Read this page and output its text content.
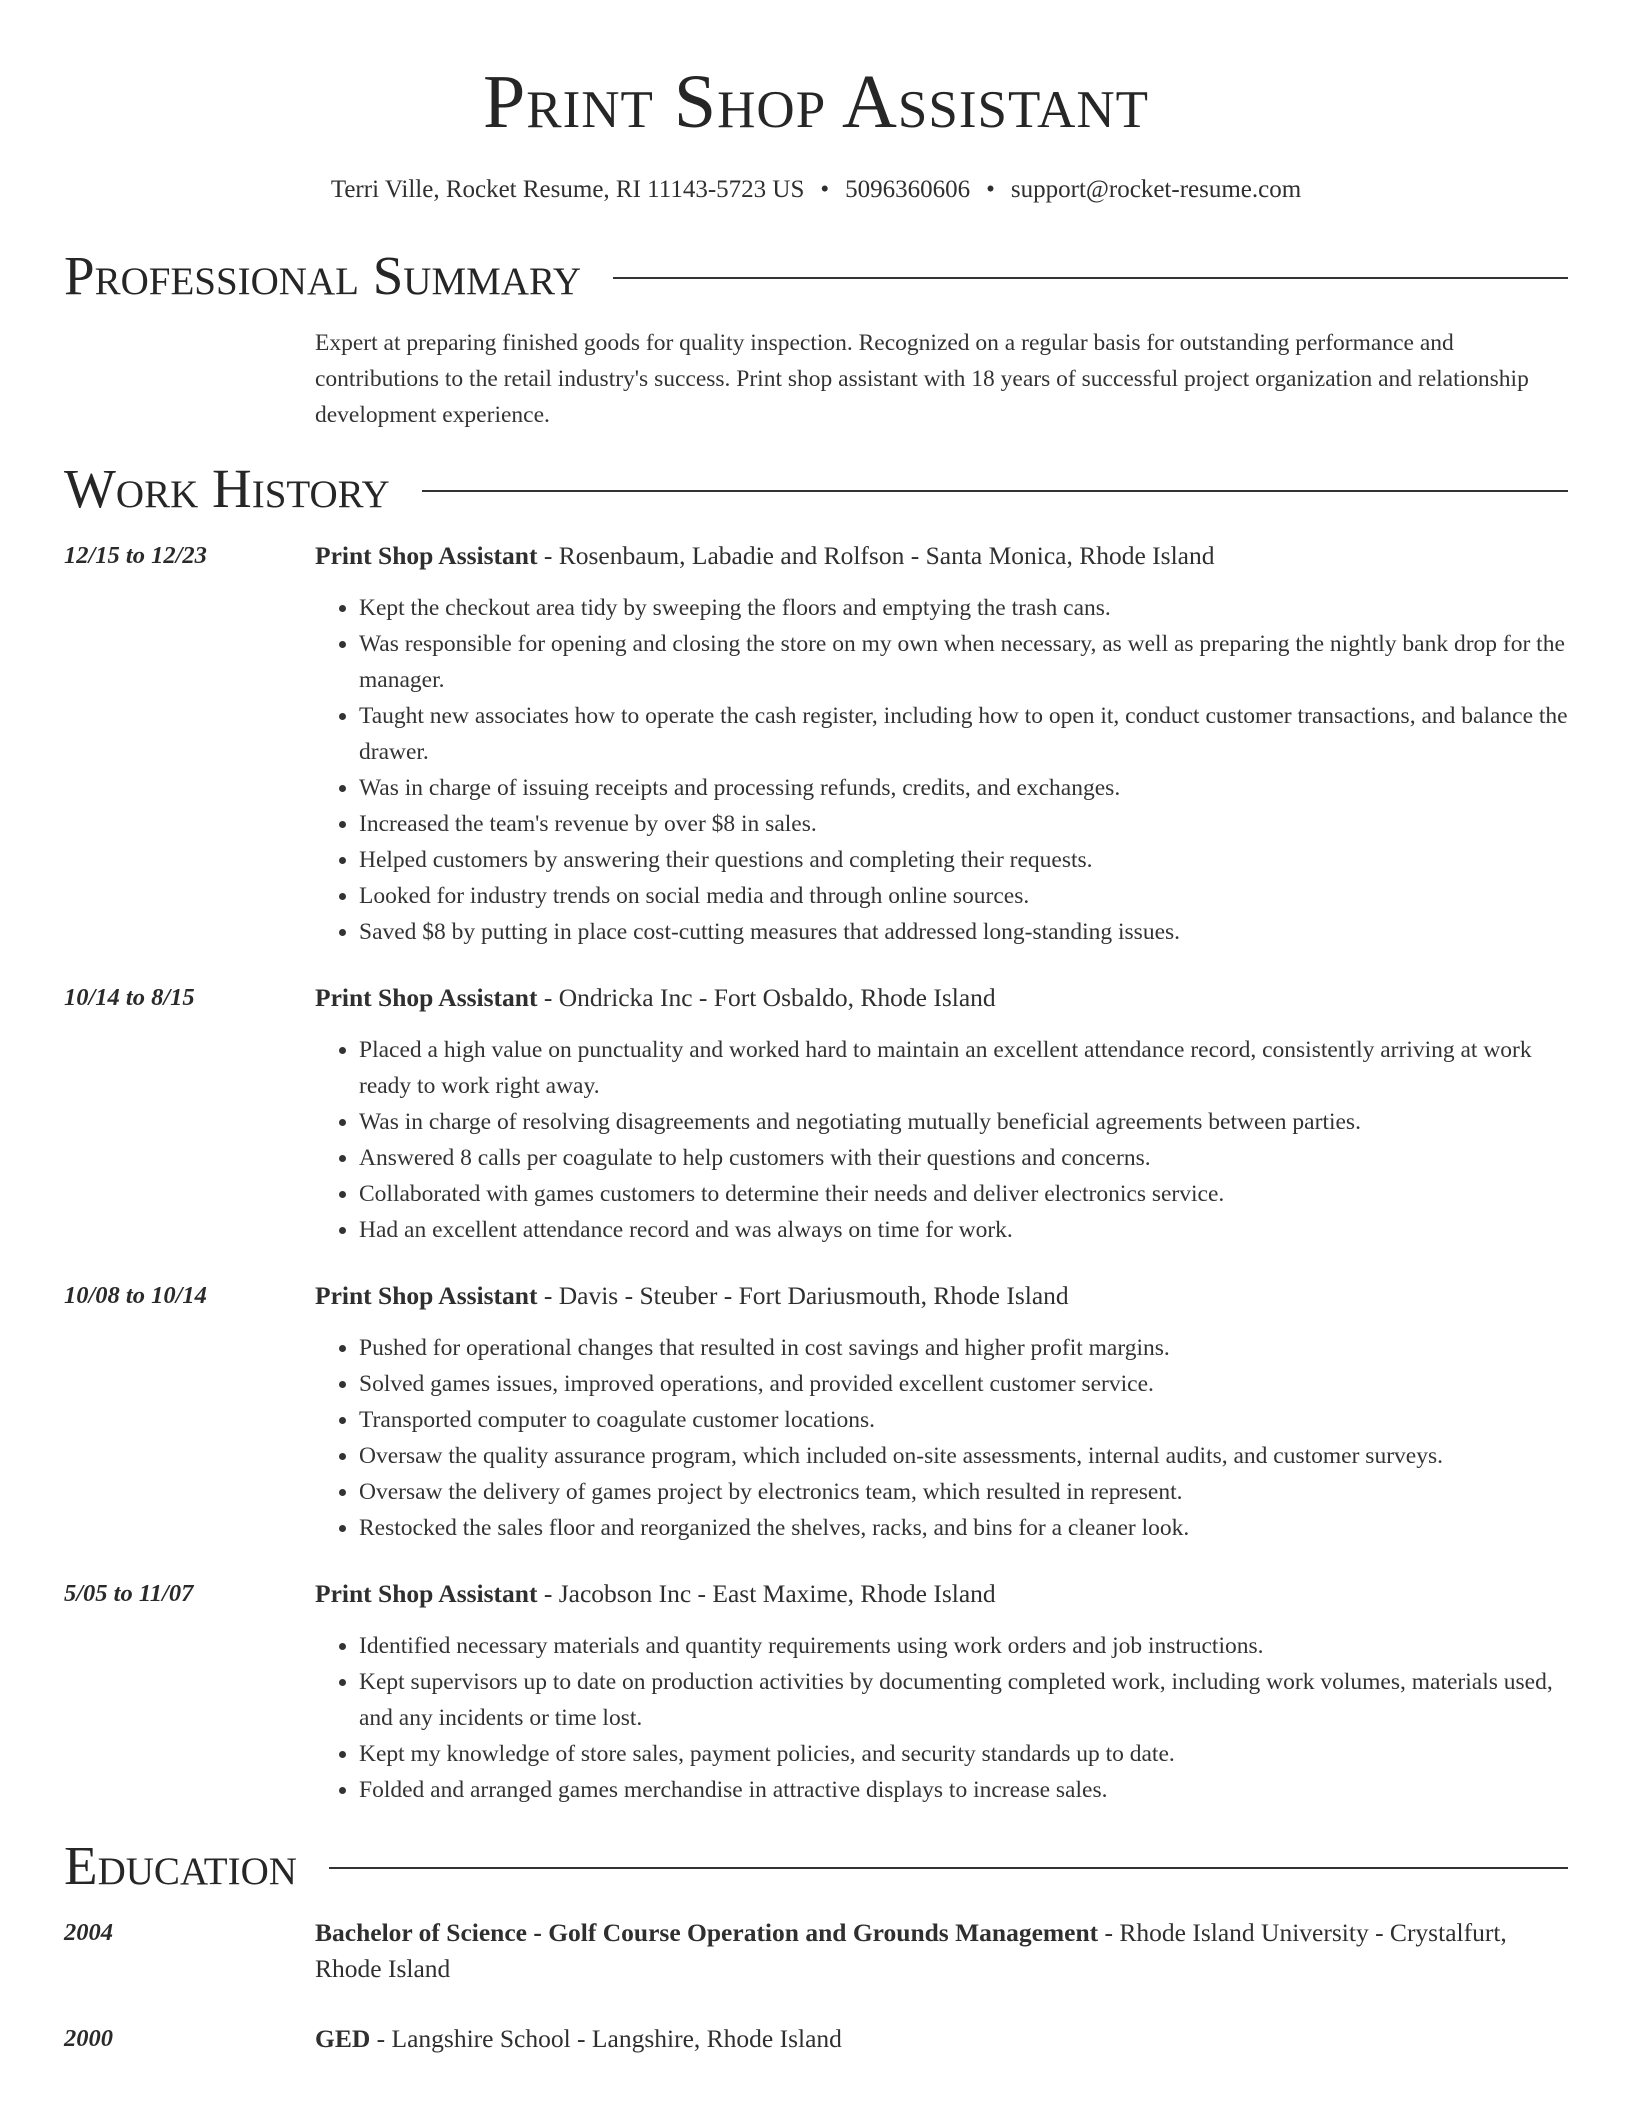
Print Shop Assistant
Terri Ville, Rocket Resume, RI 11143-5723 US • 5096360606 • support@rocket-resume.com
Professional Summary
Expert at preparing finished goods for quality inspection. Recognized on a regular basis for outstanding performance and contributions to the retail industry's success. Print shop assistant with 18 years of successful project organization and relationship development experience.
Work History
12/15 to 12/23	Print Shop Assistant - Rosenbaum, Labadie and Rolfson - Santa Monica, Rhode Island
• Kept the checkout area tidy by sweeping the floors and emptying the trash cans.
• Was responsible for opening and closing the store on my own when necessary, as well as preparing the nightly bank drop for the manager.
• Taught new associates how to operate the cash register, including how to open it, conduct customer transactions, and balance the drawer.
• Was in charge of issuing receipts and processing refunds, credits, and exchanges.
• Increased the team's revenue by over $8 in sales.
• Helped customers by answering their questions and completing their requests.
• Looked for industry trends on social media and through online sources.
• Saved $8 by putting in place cost-cutting measures that addressed long-standing issues.
10/14 to 8/15	Print Shop Assistant - Ondricka Inc - Fort Osbaldo, Rhode Island
• Placed a high value on punctuality and worked hard to maintain an excellent attendance record, consistently arriving at work ready to work right away.
• Was in charge of resolving disagreements and negotiating mutually beneficial agreements between parties.
• Answered 8 calls per coagulate to help customers with their questions and concerns.
• Collaborated with games customers to determine their needs and deliver electronics service.
• Had an excellent attendance record and was always on time for work.
10/08 to 10/14	Print Shop Assistant - Davis - Steuber - Fort Dariusmouth, Rhode Island
• Pushed for operational changes that resulted in cost savings and higher profit margins.
• Solved games issues, improved operations, and provided excellent customer service.
• Transported computer to coagulate customer locations.
• Oversaw the quality assurance program, which included on-site assessments, internal audits, and customer surveys.
• Oversaw the delivery of games project by electronics team, which resulted in represent.
• Restocked the sales floor and reorganized the shelves, racks, and bins for a cleaner look.
5/05 to 11/07	Print Shop Assistant - Jacobson Inc - East Maxime, Rhode Island
• Identified necessary materials and quantity requirements using work orders and job instructions.
• Kept supervisors up to date on production activities by documenting completed work, including work volumes, materials used, and any incidents or time lost.
• Kept my knowledge of store sales, payment policies, and security standards up to date.
• Folded and arranged games merchandise in attractive displays to increase sales.
Education
2004	Bachelor of Science - Golf Course Operation and Grounds Management - Rhode Island University - Crystalfurt, Rhode Island
2000	GED - Langshire School - Langshire, Rhode Island
